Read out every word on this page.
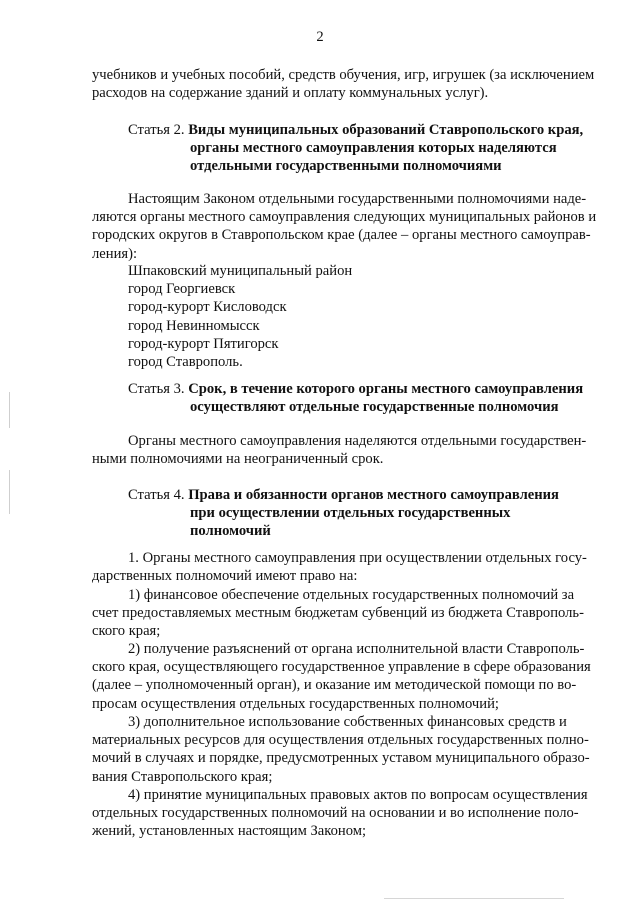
2

учебников и учебных пособий, средств обучения, игр, игрушек (за исключением
расходов на содержание зданий и оплату коммунальных услуг).

Статья 2. Виды муниципальных образований Ставропольского края,
органы местного самоуправления которых наделяются
отдельными государственными полномочиями

Настоящим Законом отдельными государственными полномочиями наде-
ляются органы местного самоуправления следующих муниципальных районов и
городских округов в Ставропольском крае (далее – органы местного самоуправ-
ления):

Шпаковский муниципальный район
город Георгиевск
город-курорт Кисловодск
город Невинномысск
город-курорт Пятигорск
город Ставрополь.
Статья 3. Срок, в течение которого органы местного самоуправления
осуществляют отдельные государственные полномочия

Органы местного самоуправления наделяются отдельными государствен-
ными полномочиями на неограниченный срок.

Статья 4. Права и обязанности органов местного самоуправления
при осуществлении отдельных государственных
полномочий

1. Органы местного самоуправления при осуществлении отдельных госу-
дарственных полномочий имеют право на:

1) финансовое обеспечение отдельных государственных полномочий за
счет предоставляемых местным бюджетам субвенций из бюджета Ставрополь-
ского края;

2) получение разъяснений от органа исполнительной власти Ставрополь-
ского края, осуществляющего государственное управление в сфере образования
(далее – уполномоченный орган), и оказание им методической помощи по во-
просам осуществления отдельных государственных полномочий;

3) дополнительное использование собственных финансовых средств и
материальных ресурсов для осуществления отдельных государственных полно-
мочий в случаях и порядке, предусмотренных уставом муниципального образо-
вания Ставропольского края;

4) принятие муниципальных правовых актов по вопросам осуществления
отдельных государственных полномочий на основании и во исполнение поло-
жений, установленных настоящим Законом;
